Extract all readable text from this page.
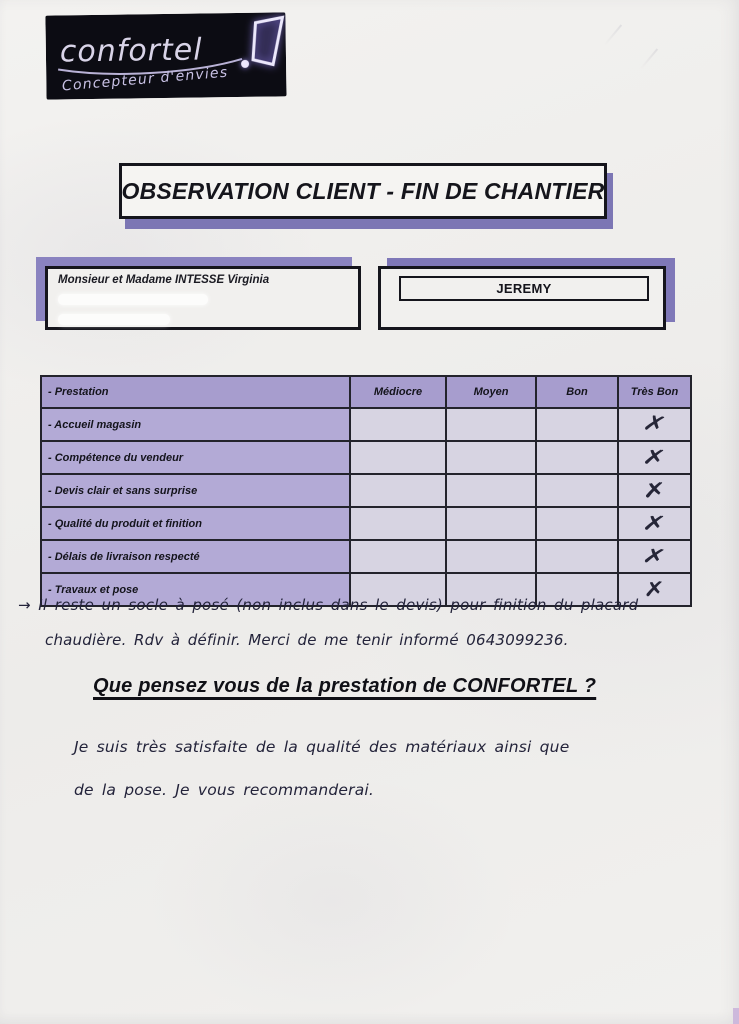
confortel
Concepteur d'envies
OBSERVATION CLIENT - FIN DE CHANTIER
Monsieur et Madame INTESSE Virginia
JEREMY
- Prestation	Médiocre	Moyen	Bon	Très Bon
- Accueil magasin				✗
- Compétence du vendeur				✗
- Devis clair et sans surprise				✗
- Qualité du produit et finition				✗
- Délais de livraison respecté				✗
- Travaux et pose				✗
→ Il reste un socle à posé (non inclus dans le devis) pour finition du placard
chaudière. Rdv à définir. Merci de me tenir informé 0643099236.
Que pensez vous de la prestation de CONFORTEL ?
Je suis très satisfaite de la qualité des matériaux ainsi que
de la pose. Je vous recommanderai.
